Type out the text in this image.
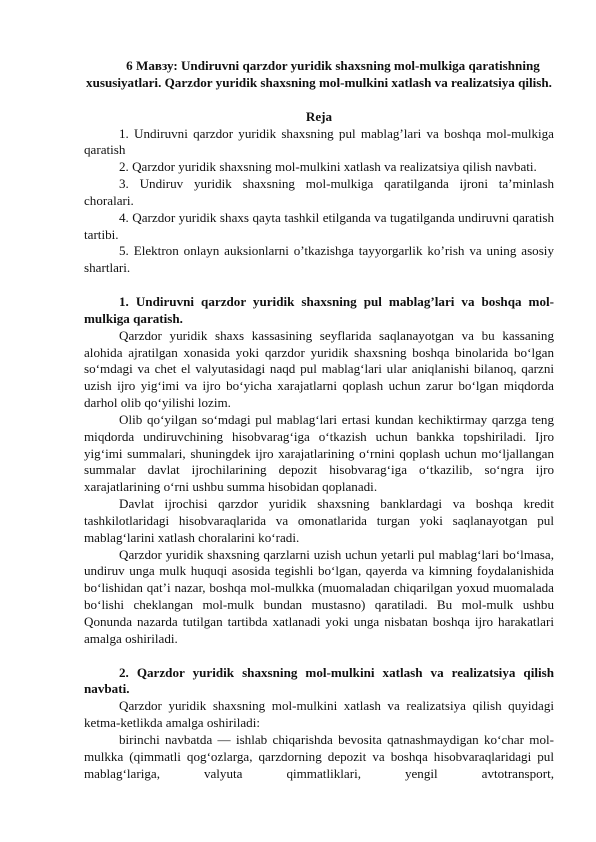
6 Мавзу: Undiruvni qarzdor yuridik shaxsning mol-mulkiga qaratishning xususiyatlari. Qarzdor yuridik shaxsning mol-mulkini xatlash va realizatsiya qilish.
Reja

1. Undiruvni qarzdor yuridik shaxsning pul mablag’lari va boshqa mol-mulkiga qaratish

2. Qarzdor yuridik shaxsning mol-mulkini xatlash va realizatsiya qilish navbati.

3. Undiruv yuridik shaxsning mol-mulkiga qaratilganda ijroni ta’minlash choralari.

4. Qarzdor yuridik shaxs qayta tashkil etilganda va tugatilganda undiruvni qaratish tartibi.

5. Elektron onlayn auksionlarni o’tkazishga tayyorgarlik ko’rish va uning asosiy shartlari.

1. Undiruvni qarzdor yuridik shaxsning pul mablag’lari va boshqa mol-mulkiga qaratish.

Qarzdor yuridik shaxs kassasining seyflarida saqlanayotgan va bu kassaning alohida ajratilgan xonasida yoki qarzdor yuridik shaxsning boshqa binolarida bo‘lgan so‘mdagi va chet el valyutasidagi naqd pul mablag‘lari ular aniqlanishi bilanoq, qarzni uzish ijro yig‘imi va ijro bo‘yicha xarajatlarni qoplash uchun zarur bo‘lgan miqdorda darhol olib qo‘yilishi lozim.

Olib qo‘yilgan so‘mdagi pul mablag‘lari ertasi kundan kechiktirmay qarzga teng miqdorda undiruvchining hisobvarag‘iga o‘tkazish uchun bankka topshiriladi. Ijro yig‘imi summalari, shuningdek ijro xarajatlarining o‘rnini qoplash uchun mo‘ljallangan summalar davlat ijrochilarining depozit hisobvarag‘iga o‘tkazilib, so‘ngra ijro xarajatlarining o‘rni ushbu summa hisobidan qoplanadi.

Davlat ijrochisi qarzdor yuridik shaxsning banklardagi va boshqa kredit tashkilotlaridagi hisobvaraqlarida va omonatlarida turgan yoki saqlanayotgan pul mablag‘larini xatlash choralarini ko‘radi.

Qarzdor yuridik shaxsning qarzlarni uzish uchun yetarli pul mablag‘lari bo‘lmasa, undiruv unga mulk huquqi asosida tegishli bo‘lgan, qayerda va kimning foydalanishida bo‘lishidan qat’i nazar, boshqa mol-mulkka (muomaladan chiqarilgan yoxud muomalada bo‘lishi cheklangan mol-mulk bundan mustasno) qaratiladi. Bu mol-mulk ushbu Qonunda nazarda tutilgan tartibda xatlanadi yoki unga nisbatan boshqa ijro harakatlari amalga oshiriladi.

2. Qarzdor yuridik shaxsning mol-mulkini xatlash va realizatsiya qilish navbati.

Qarzdor yuridik shaxsning mol-mulkini xatlash va realizatsiya qilish quyidagi ketma-ketlikda amalga oshiriladi:

birinchi navbatda — ishlab chiqarishda bevosita qatnashmaydigan ko‘char mol-mulkka (qimmatli qog‘ozlarga, qarzdorning depozit va boshqa hisobvaraqlaridagi pul mablag‘lariga, valyuta qimmatliklari, yengil avtotransport,
